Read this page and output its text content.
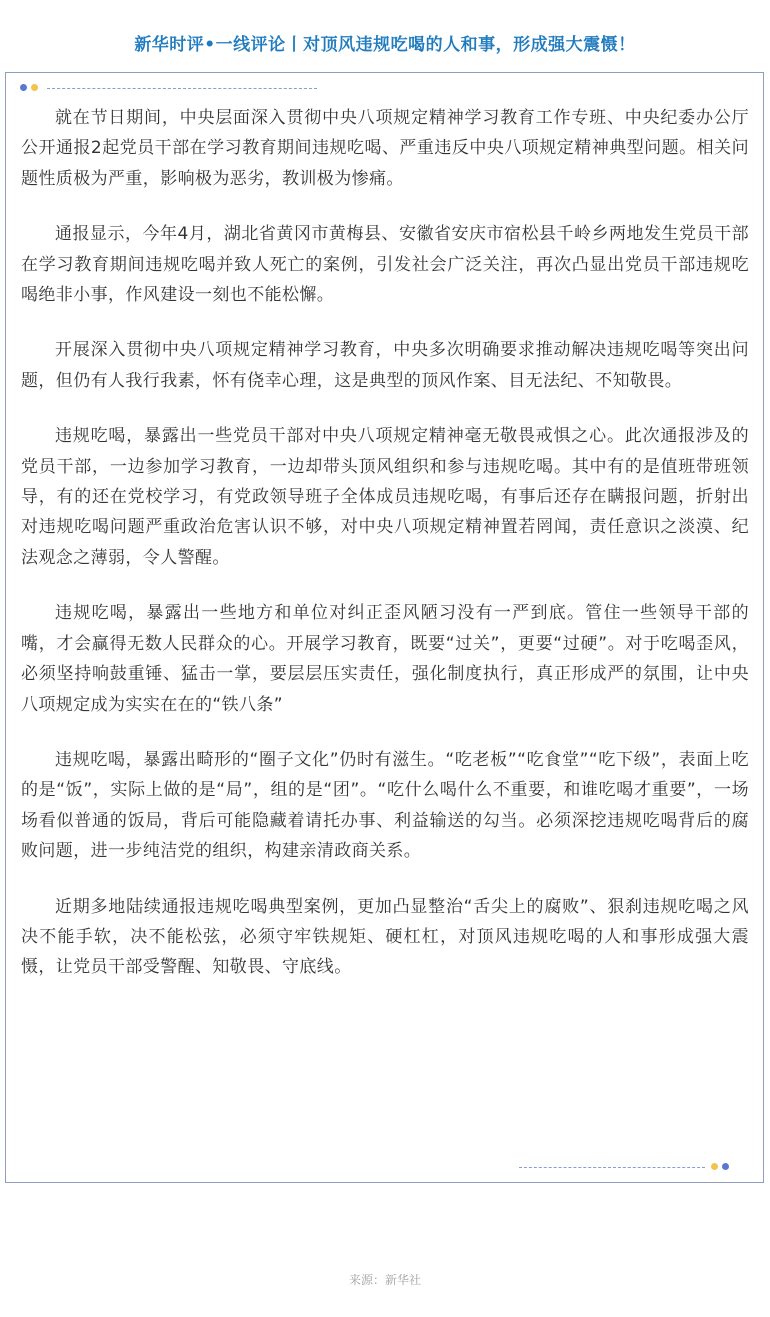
新华时评•一线评论丨对顶风违规吃喝的人和事，形成强大震慑！

就在节日期间，中央层面深入贯彻中央八项规定精神学习教育工作专班、中央纪委办公厅公开通报2起党员干部在学习教育期间违规吃喝、严重违反中央八项规定精神典型问题。相关问题性质极为严重，影响极为恶劣，教训极为惨痛。

通报显示，今年4月，湖北省黄冈市黄梅县、安徽省安庆市宿松县千岭乡两地发生党员干部在学习教育期间违规吃喝并致人死亡的案例，引发社会广泛关注，再次凸显出党员干部违规吃喝绝非小事，作风建设一刻也不能松懈。

开展深入贯彻中央八项规定精神学习教育，中央多次明确要求推动解决违规吃喝等突出问题，但仍有人我行我素，怀有侥幸心理，这是典型的顶风作案、目无法纪、不知敬畏。

违规吃喝，暴露出一些党员干部对中央八项规定精神毫无敬畏戒惧之心。此次通报涉及的党员干部，一边参加学习教育，一边却带头顶风组织和参与违规吃喝。其中有的是值班带班领导，有的还在党校学习，有党政领导班子全体成员违规吃喝，有事后还存在瞒报问题，折射出对违规吃喝问题严重政治危害认识不够，对中央八项规定精神置若罔闻，责任意识之淡漠、纪法观念之薄弱，令人警醒。

违规吃喝，暴露出一些地方和单位对纠正歪风陋习没有一严到底。管住一些领导干部的嘴，才会赢得无数人民群众的心。开展学习教育，既要“过关”，更要“过硬”。对于吃喝歪风，必须坚持响鼓重锤、猛击一掌，要层层压实责任，强化制度执行，真正形成严的氛围，让中央八项规定成为实实在在的“铁八条”

违规吃喝，暴露出畸形的“圈子文化”仍时有滋生。“吃老板”“吃食堂”“吃下级”，表面上吃的是“饭”，实际上做的是“局”，组的是“团”。“吃什么喝什么不重要，和谁吃喝才重要”，一场场看似普通的饭局，背后可能隐藏着请托办事、利益输送的勾当。必须深挖违规吃喝背后的腐败问题，进一步纯洁党的组织，构建亲清政商关系。

近期多地陆续通报违规吃喝典型案例，更加凸显整治“舌尖上的腐败”、狠刹违规吃喝之风决不能手软，决不能松弦，必须守牢铁规矩、硬杠杠，对顶风违规吃喝的人和事形成强大震慑，让党员干部受警醒、知敬畏、守底线。

来源：新华社
